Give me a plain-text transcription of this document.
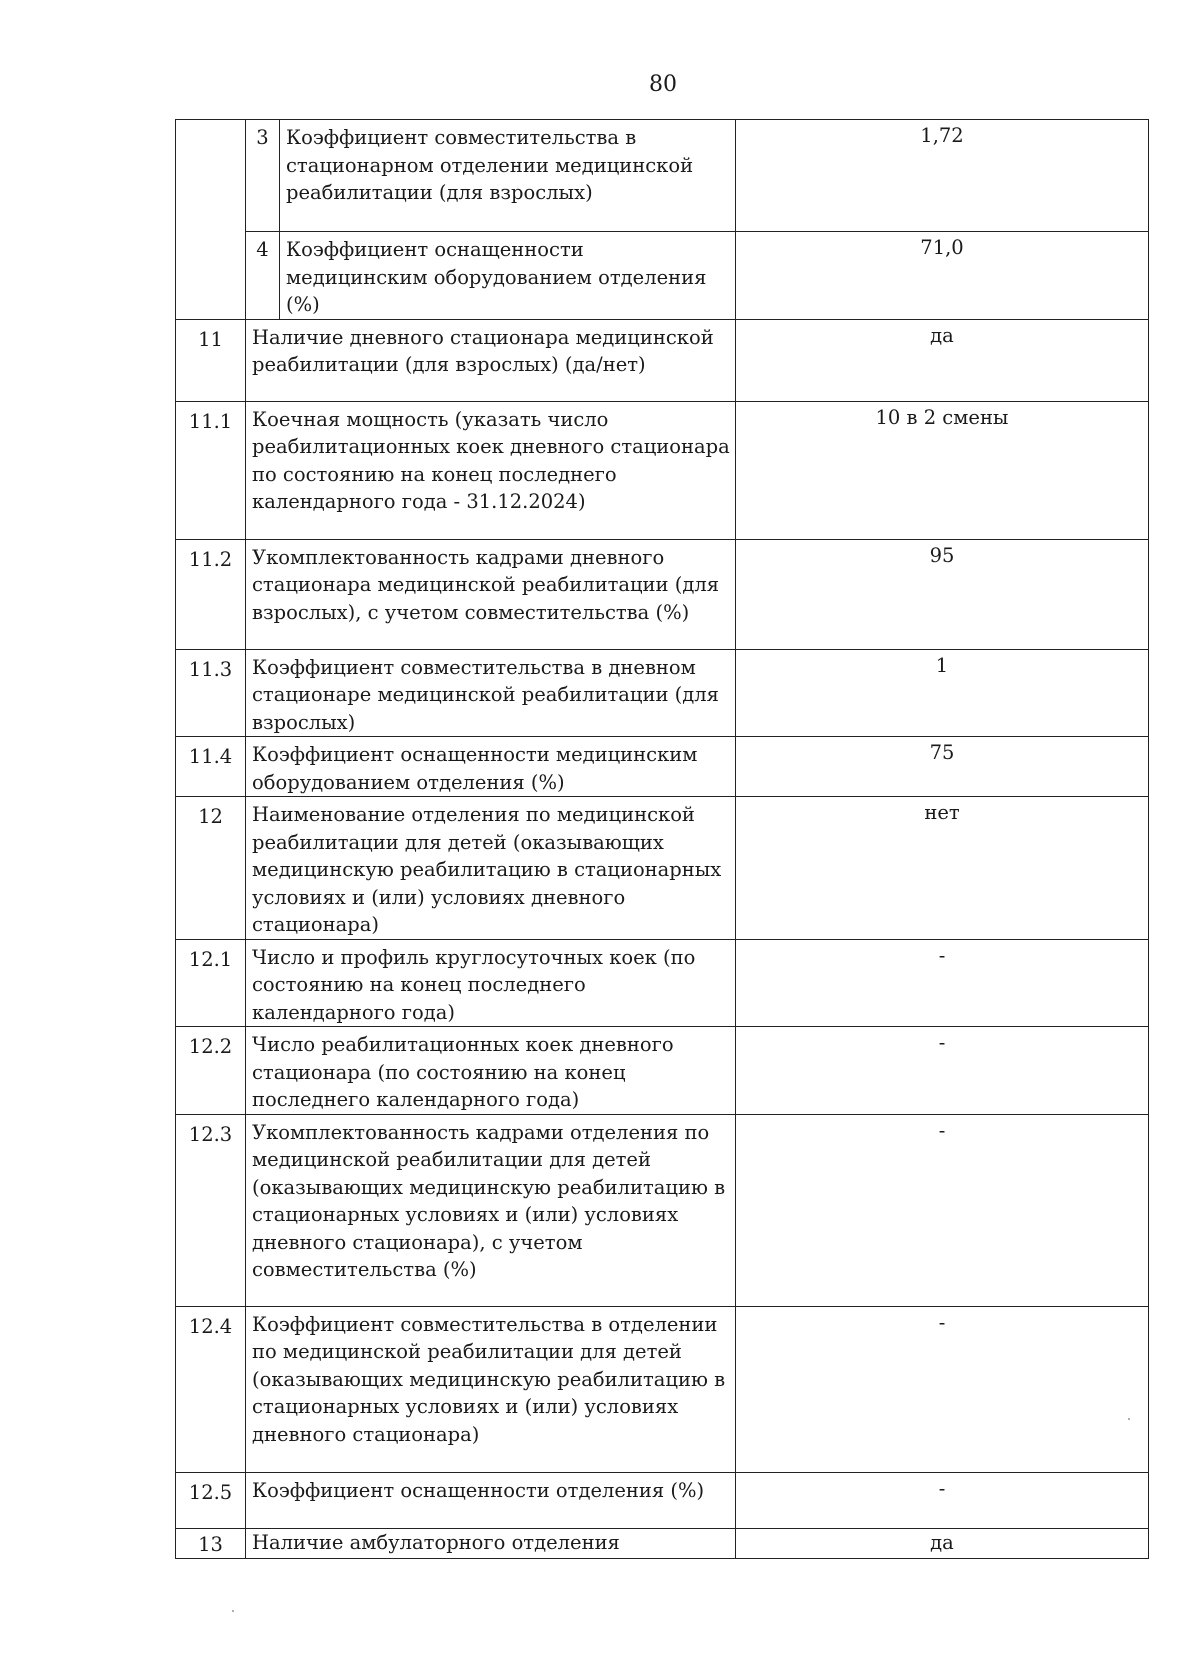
80
	3	Коэффициент совместительства в стационарном отделении медицинской реабилитации (для взрослых)	1,72
	4	Коэффициент оснащенности медицинским оборудованием отделения (%)	71,0
11	Наличие дневного стационара медицинской реабилитации (для взрослых) (да/нет)		да
11.1	Коечная мощность (указать число реабилитационных коек дневного стационара по состоянию на конец последнего календарного года - 31.12.2024)		10 в 2 смены
11.2	Укомплектованность кадрами дневного стационара медицинской реабилитации (для взрослых), с учетом совместительства (%)		95
11.3	Коэффициент совместительства в дневном стационаре медицинской реабилитации (для взрослых)		1
11.4	Коэффициент оснащенности медицинским оборудованием отделения (%)		75
12	Наименование отделения по медицинской реабилитации для детей (оказывающих медицинскую реабилитацию в стационарных условиях и (или) условиях дневного стационара)		нет
12.1	Число и профиль круглосуточных коек (по состоянию на конец последнего календарного года)		-
12.2	Число реабилитационных коек дневного стационара (по состоянию на конец последнего календарного года)		-
12.3	Укомплектованность кадрами отделения по медицинской реабилитации для детей (оказывающих медицинскую реабилитацию в стационарных условиях и (или) условиях дневного стационара), с учетом совместительства (%)		-
12.4	Коэффициент совместительства в отделении по медицинской реабилитации для детей (оказывающих медицинскую реабилитацию в стационарных условиях и (или) условиях дневного стационара)		-
12.5	Коэффициент оснащенности отделения (%)		-
13	Наличие амбулаторного отделения		да
